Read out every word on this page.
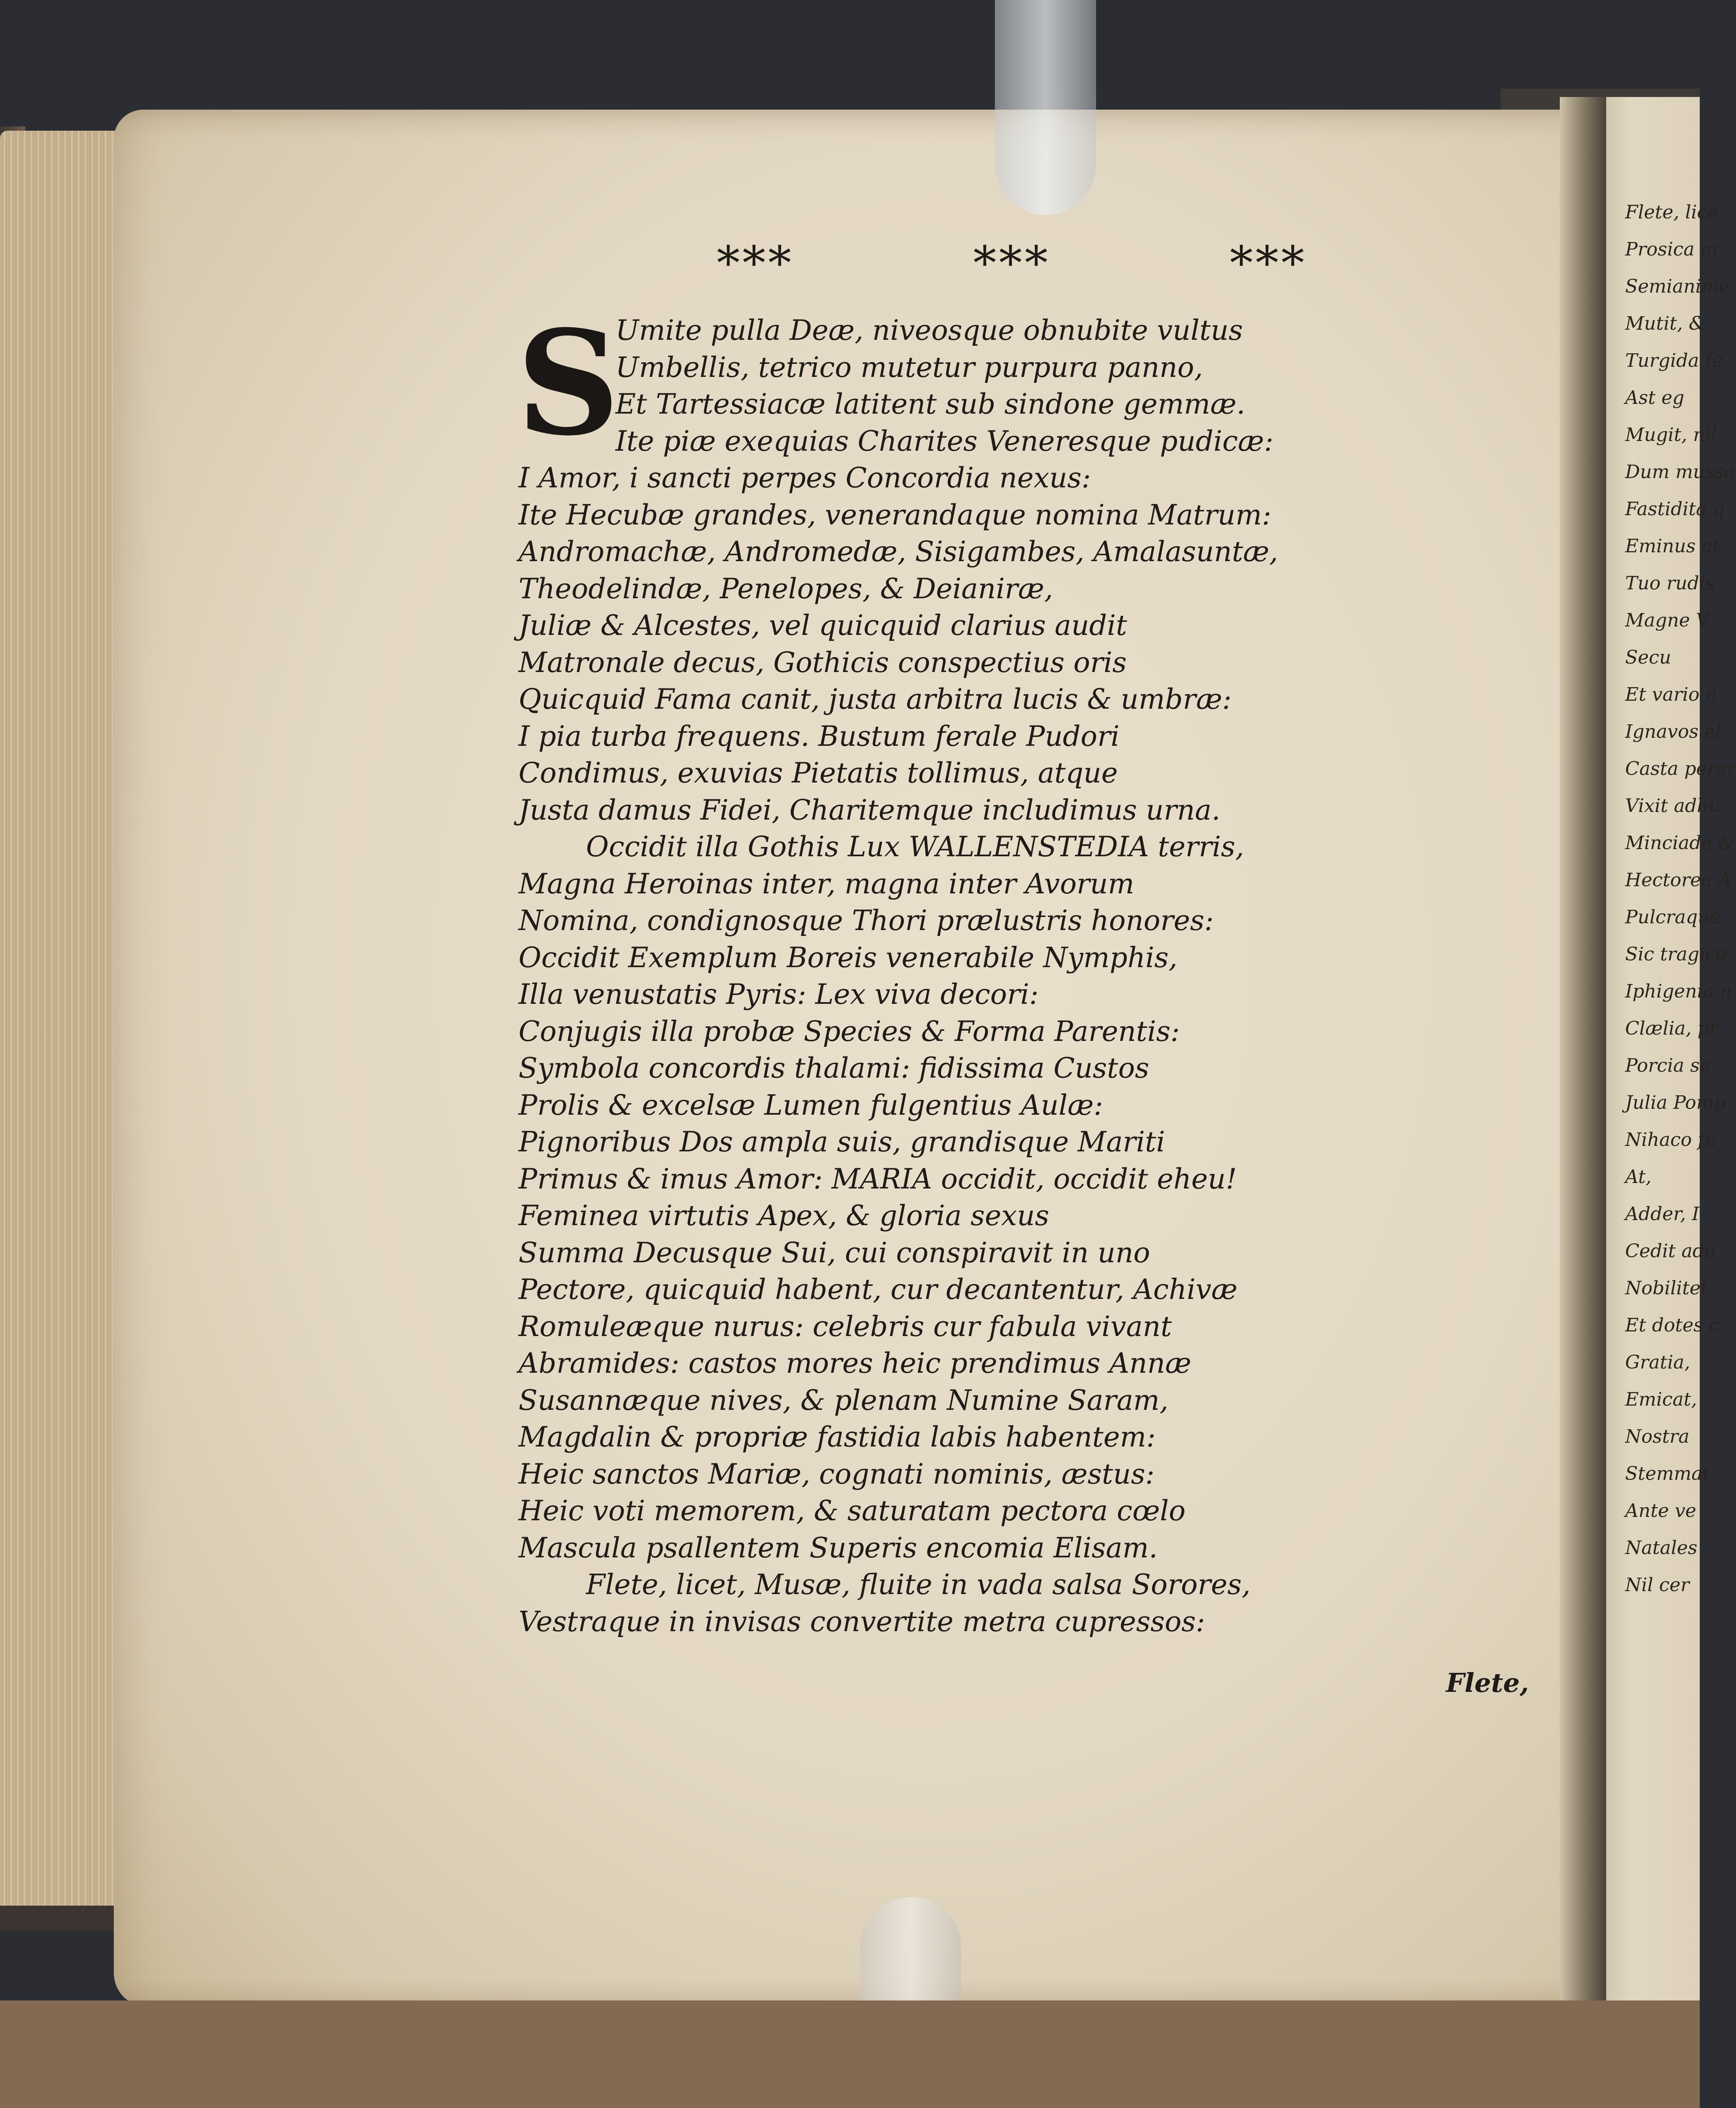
***	***	***
S
Umite pulla Deæ, niveosque obnubite vultus
Umbellis, tetrico mutetur purpura panno,
Et Tartessiacæ latitent sub sindone gemmæ.
Ite piæ exequias Charites Veneresque pudicæ:
I Amor, i sancti perpes Concordia nexus:
Ite Hecubæ grandes, venerandaque nomina Matrum:
Andromachæ, Andromedæ, Sisigambes, Amalasuntæ,
Theodelindæ, Penelopes, & Deianiræ,
Juliæ & Alcestes, vel quicquid clarius audit
Matronale decus, Gothicis conspectius oris
Quicquid Fama canit, justa arbitra lucis & umbræ:
I pia turba frequens. Bustum ferale Pudori
Condimus, exuvias Pietatis tollimus, atque
Justa damus Fidei, Charitemque includimus urna.
Occidit illa Gothis Lux WALLENSTEDIA terris,
Magna Heroinas inter, magna inter Avorum
Nomina, condignosque Thori prælustris honores:
Occidit Exemplum Boreis venerabile Nymphis,
Illa venustatis Pyris: Lex viva decori:
Conjugis illa probæ Species & Forma Parentis:
Symbola concordis thalami: fidissima Custos
Prolis & excelsæ Lumen fulgentius Aulæ:
Pignoribus Dos ampla suis, grandisque Mariti
Primus & imus Amor: MARIA occidit, occidit eheu!
Feminea virtutis Apex, & gloria sexus
Summa Decusque Sui, cui conspiravit in uno
Pectore, quicquid habent, cur decantentur, Achivæ
Romuleæque nurus: celebris cur fabula vivant
Abramides: castos mores heic prendimus Annæ
Susannæque nives, & plenam Numine Saram,
Magdalin & propriæ fastidia labis habentem:
Heic sanctos Mariæ, cognati nominis, æstus:
Heic voti memorem, & saturatam pectora cœlo
Mascula psallentem Superis encomia Elisam.
Flete, licet, Musæ, fluite in vada salsa Sorores,
Vestraque in invisas convertite metra cupressos:
Flete,
Flete, lice
Prosica m
Semianime
Mutit, &
Turgida fe
Ast eg
Mugit, nil
Dum mussa
Fastidita q
Eminus at
Tuo rudis
Magne V
Secu
Et vario n
Ignavos el
Casta perer
Vixit adhu
Minciade &
Hectorea A
Pulcraque
Sic tragico
Iphigenia n
Clælia, pr
Porcia se
Julia Pomp
Nihaco fu
At,
Adder, I
Cedit ado
Nobilitet
Et dotes c
Gratia,
Emicat,
Nostra
Stemmat
Ante ve
Natales
Nil cer
